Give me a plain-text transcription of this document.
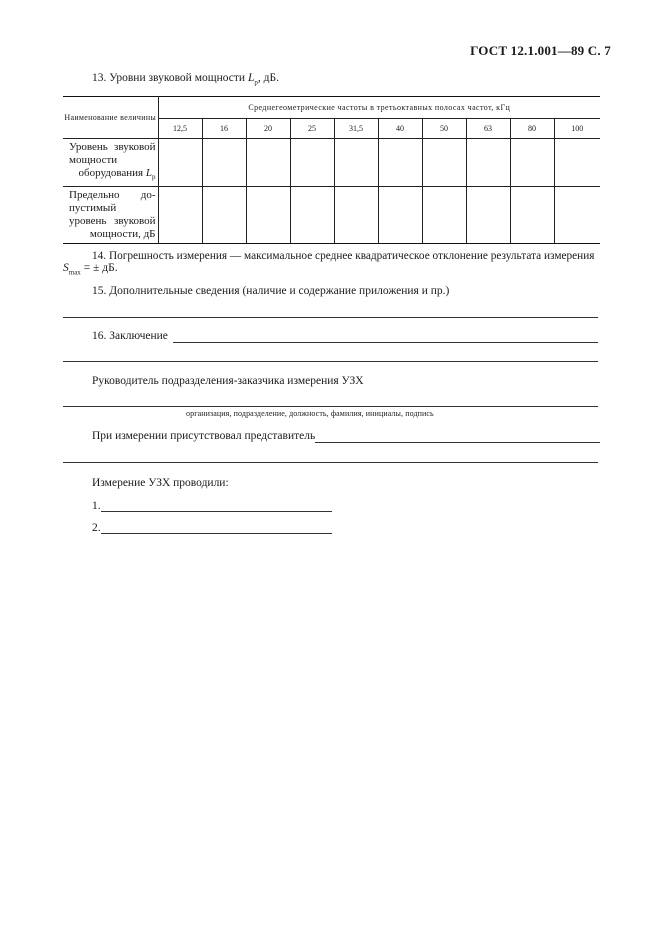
ГОСТ 12.1.001—89 С. 7
13. Уровни звуковой мощности $L_p$, дБ.
Наименование величины	Среднегеометрические частоты в третьоктавных полосах частот, кГц									
	12,5	16	20	25	31,5	40	50	63	80	100
Уровень звуковой мощности оборудования $L_p$										
Предельно допустимый уровень звуковой мощности, дБ										
14. Погрешность измерения — максимальное среднее квадратическое отклонение результата измерения
$S_{max}$ = ± дБ.
15. Дополнительные сведения (наличие и содержание приложения и пр.)
16. Заключение
Руководитель подразделения-заказчика измерения УЗХ
организация, подразделение, должность, фамилия, инициалы, подпись
При измерении присутствовал представитель
Измерение УЗХ проводили:
1.
2.
